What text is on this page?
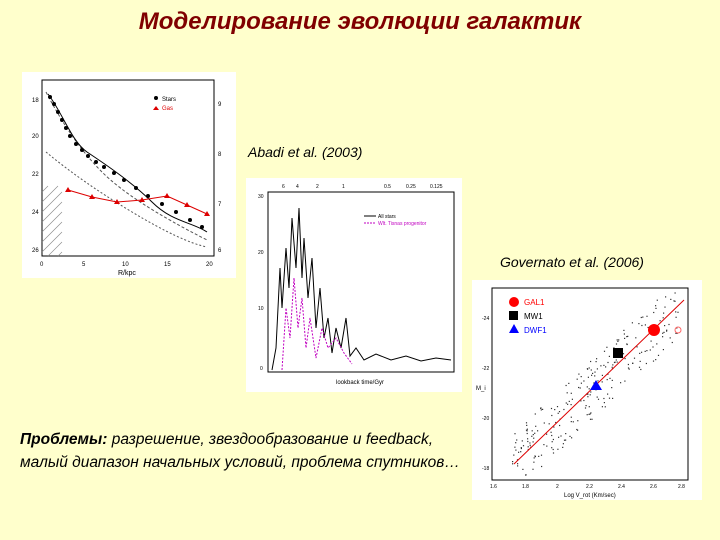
Моделирование эволюции галактик
Stars
Gas
18
20
22
24
26
9
8
7
6
0	5	10	15	20
R/kpc
Abadi et al. (2003)
6 4	2	1	0.5	0.25	0.125
30
20
10
0
All stars
Wlt. Tisnas progenitor
lookback time/Gyr
Governato et al. (2006)
GAL1
MW1
DWF1
-24
-22
-20
-18
M_i
1.6	1.8	2	2.2	2.4	2.6	2.8
Log V_rot (Km/sec)
Проблемы: разрешение, звездообразование и feedback, малый диапазон начальных условий, проблема спутников…
